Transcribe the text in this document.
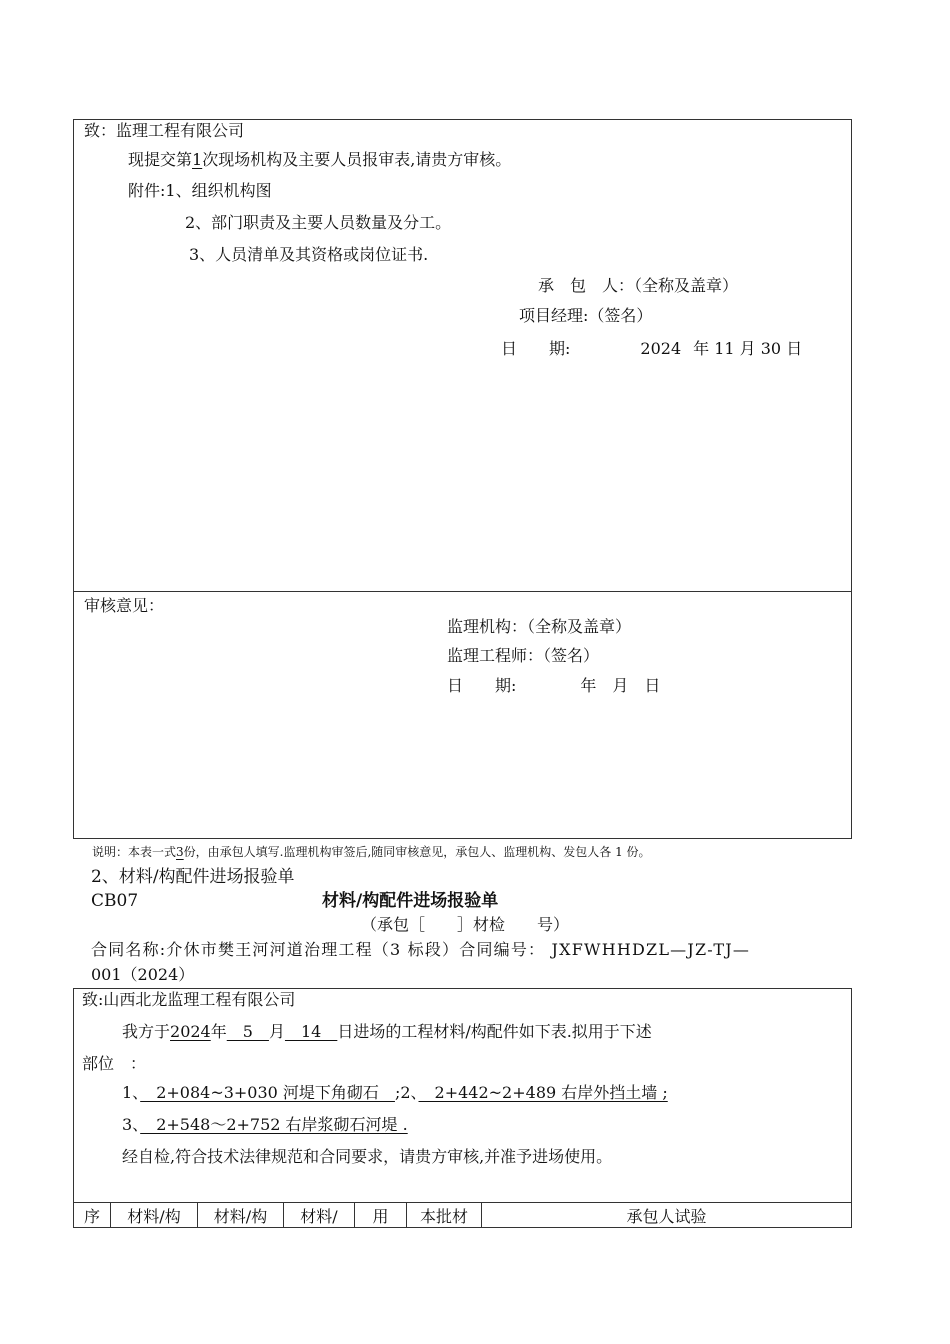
致：监理工程有限公司
现提交第1次现场机构及主要人员报审表,请贵方审核。
附件:1、组织机构图
2、部门职责及主要人员数量及分工。
3、人员清单及其资格或岗位证书.
承　包　人：（全称及盖章）
项目经理:（签名）
日　　期:	2024 年 11 月 30 日
审核意见：
监理机构：（全称及盖章）
监理工程师：（签名）
日　　期:　　　　年　月　日
说明：本表一式3份，由承包人填写.监理机构审签后,随同审核意见，承包人、监理机构、发包人各 1 份。
2、材料/构配件进场报验单
CB07	材料/构配件进场报验单
（承包［　　］材检　　号）
合同名称:介休市樊王河河道治理工程（3 标段）合同编号： JXFWHHDZL—JZ-TJ—
001（2024）
致:山西北龙监理工程有限公司
我方于2024年　5　月　14　日进场的工程材料/构配件如下表.拟用于下述
部位　：
1、　2+084~3+030 河堤下角砌石　;2、　2+442~2+489 右岸外挡土墙 ;
3、　2+548～2+752 右岸浆砌石河堤 .
经自检,符合技术法律规范和合同要求，请贵方审核,并准予进场使用。
序	材料/构	材料/构	材料/	用	本批材	承包人试验
